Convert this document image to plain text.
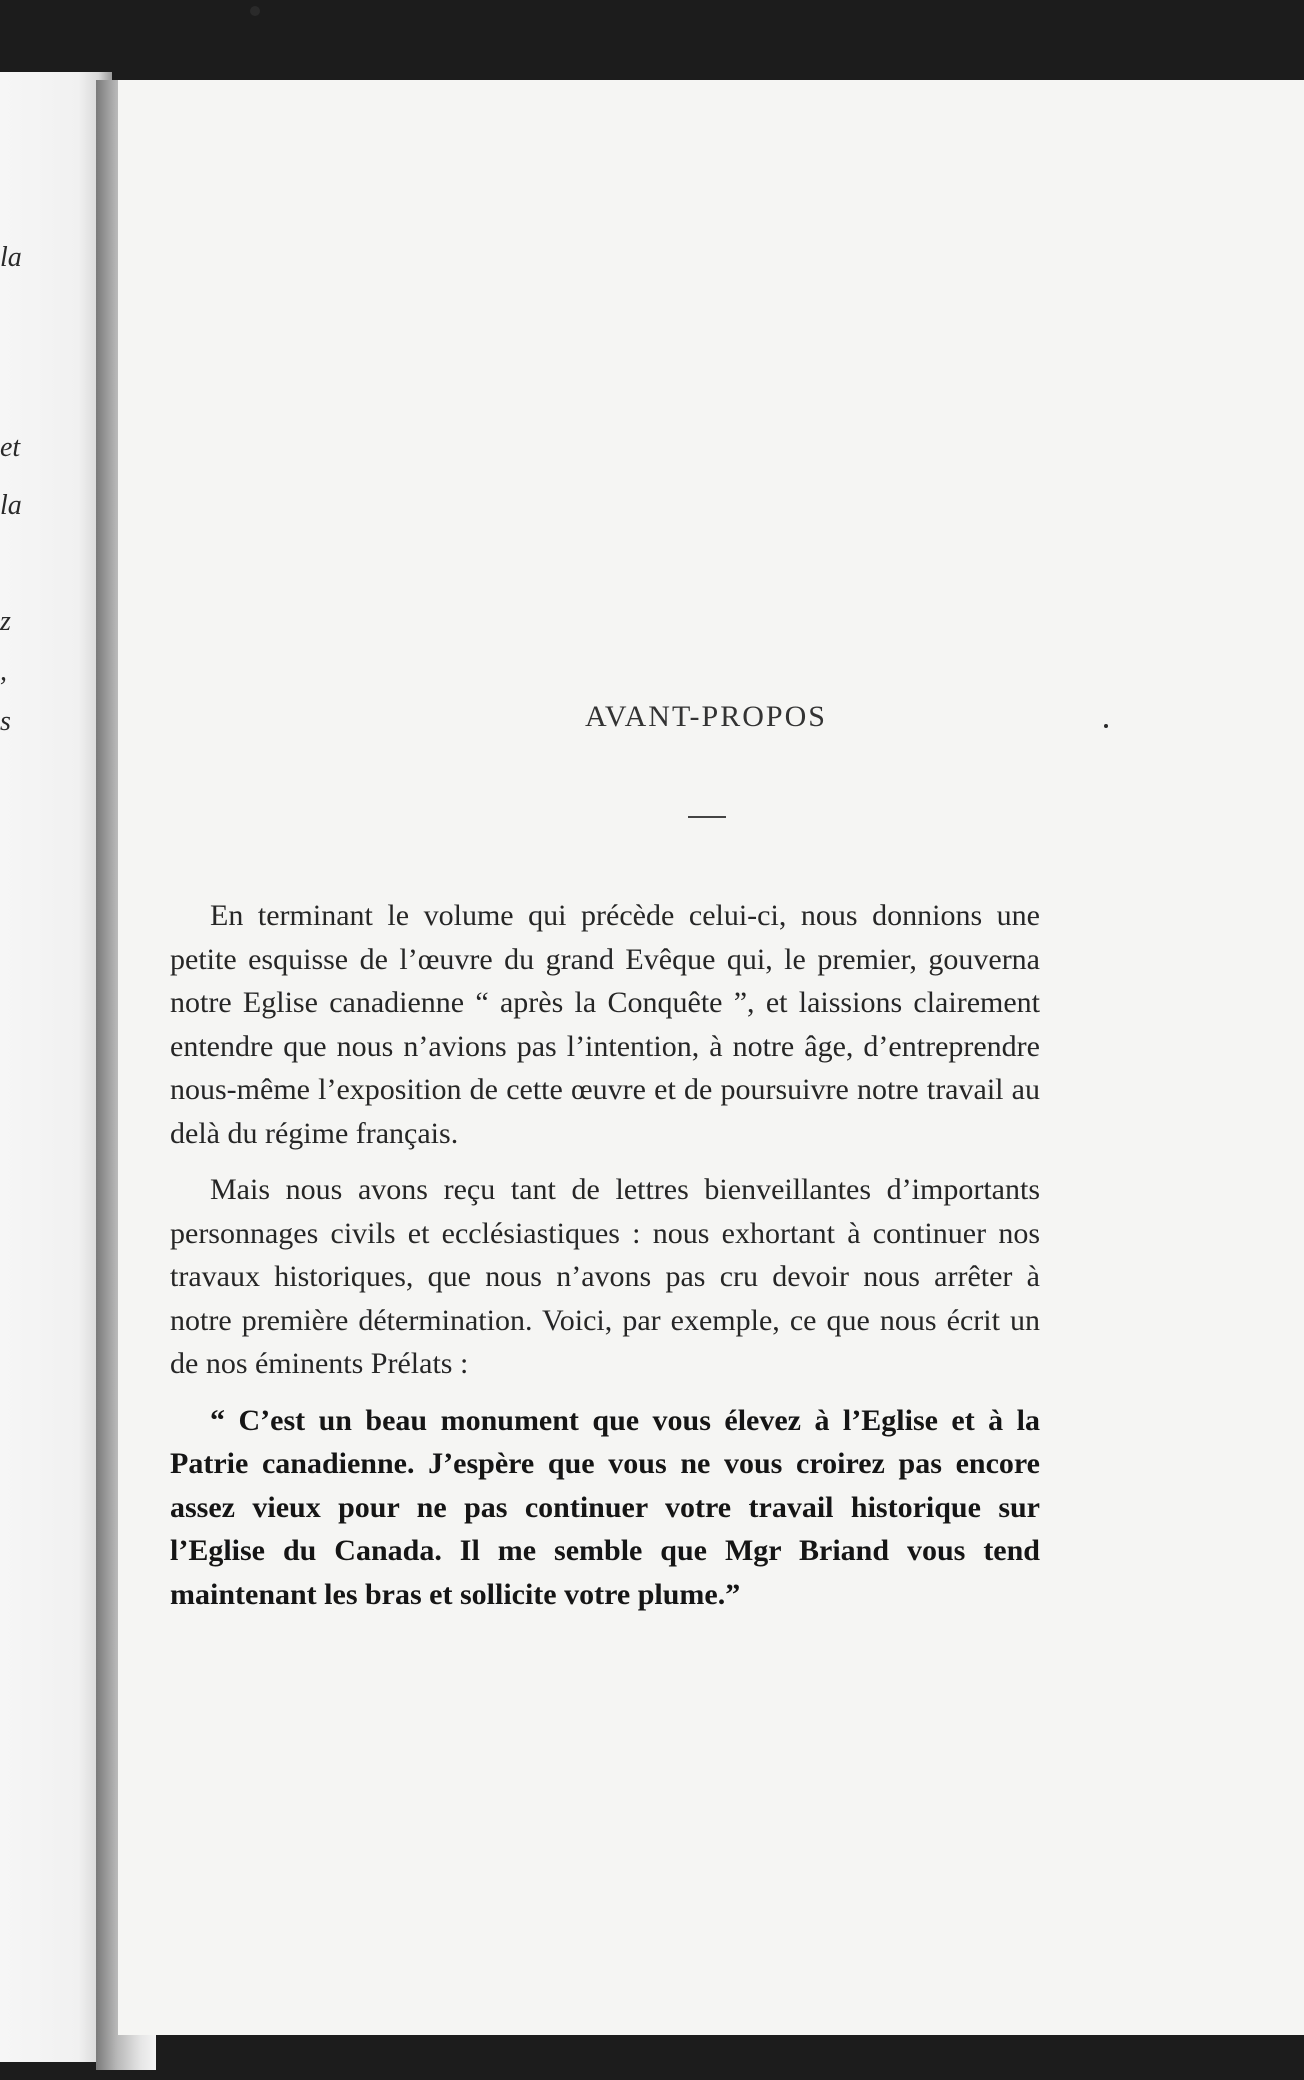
la
et
la
z
,
s	AVANT-PROPOS

En terminant le volume qui précède celui-ci, nous donnions une petite esquisse de l’œuvre du grand Evêque qui, le premier, gouverna notre Eglise canadienne “ après la Conquête ”, et laissions clairement entendre que nous n’avions pas l’intention, à notre âge, d’entreprendre nous-même l’exposition de cette œuvre et de poursuivre notre travail au delà du régime français.

Mais nous avons reçu tant de lettres bienveillantes d’importants personnages civils et ecclésiastiques : nous exhortant à continuer nos travaux historiques, que nous n’avons pas cru devoir nous arrêter à notre première détermination. Voici, par exemple, ce que nous écrit un de nos éminents Prélats :

“ C’est un beau monument que vous élevez à l’Eglise et à la Patrie canadienne. J’espère que vous ne vous croirez pas encore assez vieux pour ne pas continuer votre travail historique sur l’Eglise du Canada. Il me semble que Mgr Briand vous tend maintenant les bras et sollicite votre plume.”
